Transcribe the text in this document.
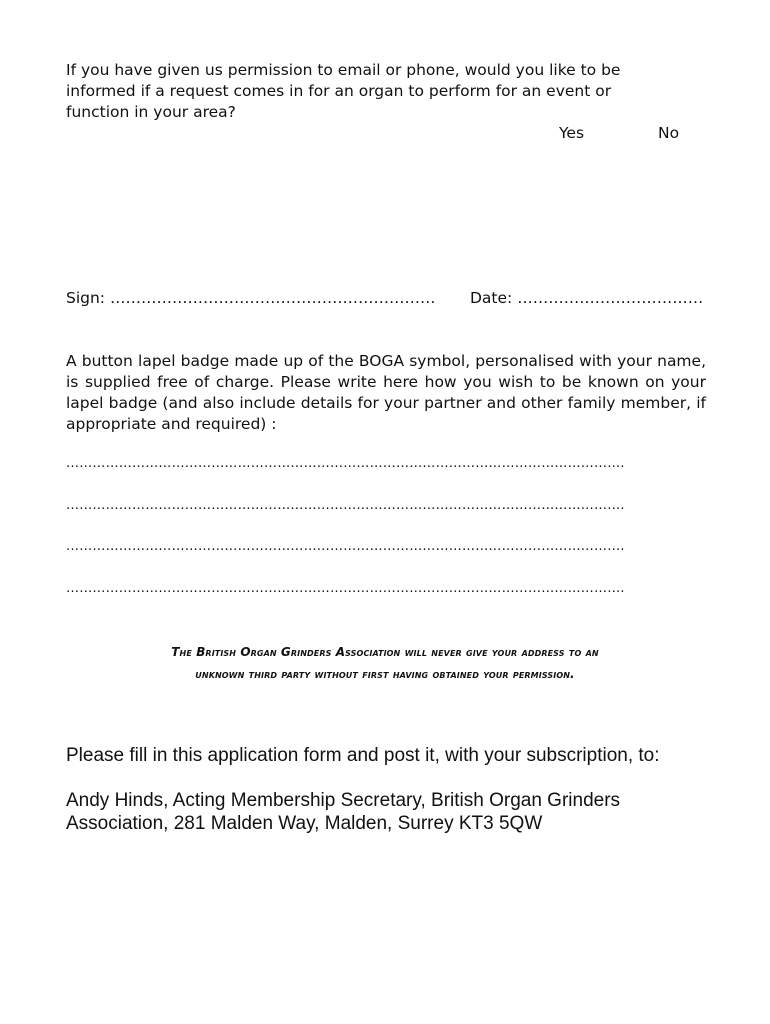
If you have given us permission to email or phone, would you like to be informed if a request comes in for an organ to perform for an event or function in your area?
Yes	No
Sign: ……………………………………………………… Date: ………………………………
A button lapel badge made up of the BOGA symbol, personalised with your name, is supplied free of charge. Please write here how you wish to be known on your lapel badge (and also include details for your partner and other family member, if appropriate and required) :
……………………………………………………………………………………………………………….
……………………………………………………………………………………………………………….
……………………………………………………………………………………………………………….
……………………………………………………………………………………………………………….
The British Organ Grinders Association will never give your address to an
unknown third party without first having obtained your permission.
Please fill in this application form and post it, with your subscription, to:
Andy Hinds, Acting Membership Secretary, British Organ Grinders Association, 281 Malden Way, Malden, Surrey KT3 5QW
